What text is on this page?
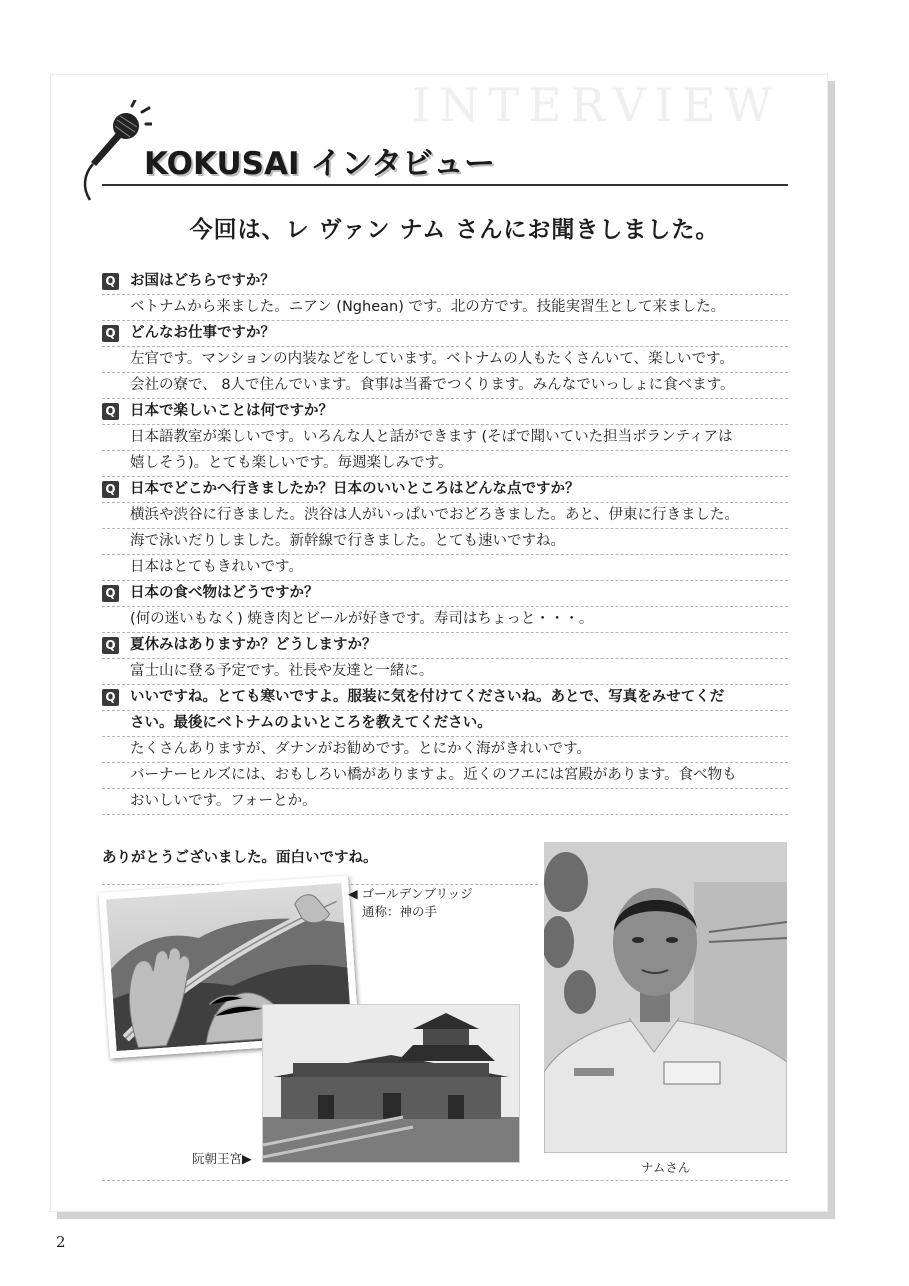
INTERVIEW
KOKUSAI インタビュー
今回は、レ ヴァン ナム さんにお聞きしました。
Q お国はどちらですか？
ベトナムから来ました。ニアン (Nghean) です。北の方です。技能実習生として来ました。
Q どんなお仕事ですか？
左官です。マンションの内装などをしています。ベトナムの人もたくさんいて、楽しいです。
会社の寮で、 8人で住んでいます。食事は当番でつくります。みんなでいっしょに食べます。
Q 日本で楽しいことは何ですか？
日本語教室が楽しいです。いろんな人と話ができます (そばで聞いていた担当ボランティアは
嬉しそう)。とても楽しいです。毎週楽しみです。
Q 日本でどこかへ行きましたか？日本のいいところはどんな点ですか？
横浜や渋谷に行きました。渋谷は人がいっぱいでおどろきました。あと、伊東に行きました。
海で泳いだりしました。新幹線で行きました。とても速いですね。
日本はとてもきれいです。
Q 日本の食べ物はどうですか？
(何の迷いもなく) 焼き肉とビールが好きです。寿司はちょっと・・・。
Q 夏休みはありますか？どうしますか？
富士山に登る予定です。社長や友達と一緒に。
Q いいですね。とても寒いですよ。服装に気を付けてくださいね。あとで、写真をみせてくだ
さい。最後にベトナムのよいところを教えてください。
たくさんありますが、ダナンがお勧めです。とにかく海がきれいです。
バーナーヒルズには、おもしろい橋がありますよ。近くのフエには宮殿があります。食べ物も
おいしいです。フォーとか。
ありがとうございました。面白いですね。
◀ ゴールデンブリッジ
通称：神の手
阮朝王宮▶
ナムさん
2
